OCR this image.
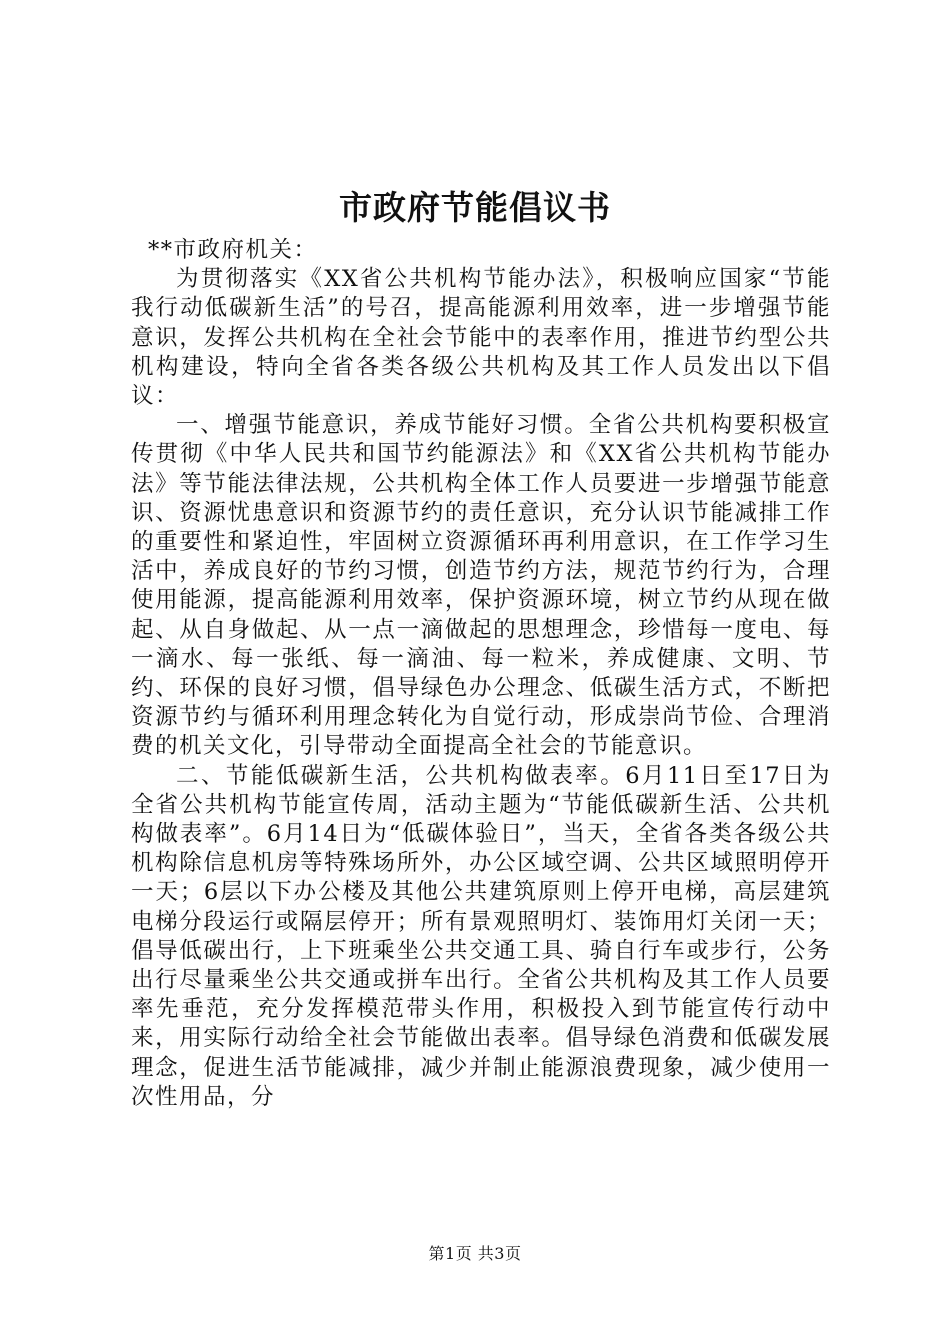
市政府节能倡议书

**市政府机关：

为贯彻落实《XX省公共机构节能办法》，积极响应国家“节能我行动低碳新生活”的号召，提高能源利用效率，进一步增强节能意识，发挥公共机构在全社会节能中的表率作用，推进节约型公共机构建设，特向全省各类各级公共机构及其工作人员发出以下倡议：

一、增强节能意识，养成节能好习惯。全省公共机构要积极宣传贯彻《中华人民共和国节约能源法》和《XX省公共机构节能办法》等节能法律法规，公共机构全体工作人员要进一步增强节能意识、资源忧患意识和资源节约的责任意识，充分认识节能减排工作的重要性和紧迫性，牢固树立资源循环再利用意识，在工作学习生活中，养成良好的节约习惯，创造节约方法，规范节约行为，合理使用能源，提高能源利用效率，保护资源环境，树立节约从现在做起、从自身做起、从一点一滴做起的思想理念，珍惜每一度电、每一滴水、每一张纸、每一滴油、每一粒米，养成健康、文明、节约、环保的良好习惯，倡导绿色办公理念、低碳生活方式，不断把资源节约与循环利用理念转化为自觉行动，形成崇尚节俭、合理消费的机关文化，引导带动全面提高全社会的节能意识。

二、节能低碳新生活，公共机构做表率。6月11日至17日为全省公共机构节能宣传周，活动主题为“节能低碳新生活、公共机构做表率”。6月14日为“低碳体验日”，当天，全省各类各级公共机构除信息机房等特殊场所外，办公区域空调、公共区域照明停开一天；6层以下办公楼及其他公共建筑原则上停开电梯，高层建筑电梯分段运行或隔层停开；所有景观照明灯、装饰用灯关闭一天；倡导低碳出行，上下班乘坐公共交通工具、骑自行车或步行，公务出行尽量乘坐公共交通或拼车出行。全省公共机构及其工作人员要率先垂范，充分发挥模范带头作用，积极投入到节能宣传行动中来，用实际行动给全社会节能做出表率。倡导绿色消费和低碳发展理念，促进生活节能减排，减少并制止能源浪费现象，减少使用一次性用品，分

第1页 共3页
